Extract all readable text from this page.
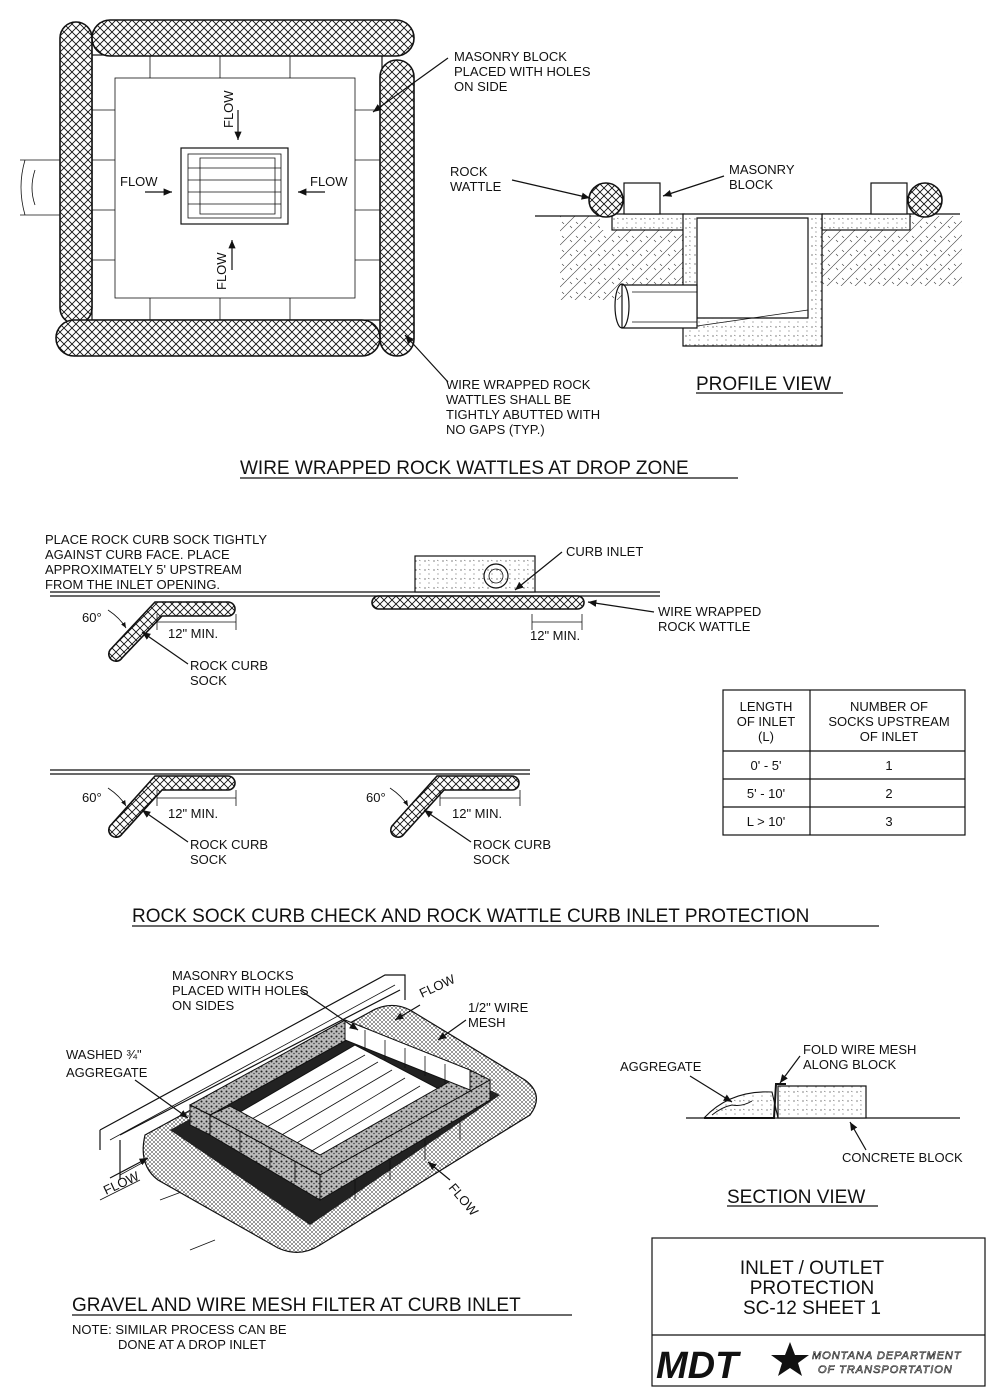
FLOW	FLOW
FLOW
FLOW
MASONRY BLOCK
PLACED WITH HOLES
ON SIDE
WIRE WRAPPED ROCK
WATTLES SHALL BE
TIGHTLY ABUTTED WITH
NO GAPS (TYP.)
ROCK
WATTLE
MASONRY
BLOCK
PROFILE VIEW
WIRE WRAPPED ROCK WATTLES AT DROP ZONE
PLACE ROCK CURB SOCK TIGHTLY
AGAINST CURB FACE. PLACE
APPROXIMATELY 5' UPSTREAM
FROM THE INLET OPENING.
60°
12" MIN.
ROCK CURB
SOCK
CURB INLET
WIRE WRAPPED
ROCK WATTLE
12" MIN.
60°
12" MIN.
ROCK CURB
SOCK
60°
12" MIN.
ROCK CURB
SOCK
LENGTH
OF INLET
(L)
NUMBER OF
SOCKS UPSTREAM
OF INLET
0' - 5'	1
5' - 10'	2
L > 10'	3
ROCK SOCK CURB CHECK AND ROCK WATTLE CURB INLET PROTECTION
MASONRY BLOCKS
PLACED WITH HOLES
ON SIDES	1/2" WIRE
MESH
WASHED ¾"
AGGREGATE
FLOW
FLOW	FLOW
GRAVEL AND WIRE MESH FILTER AT CURB INLET
NOTE: SIMILAR PROCESS CAN BE
DONE AT A DROP INLET
AGGREGATE
FOLD WIRE MESH
ALONG BLOCK
CONCRETE BLOCK
SECTION VIEW
INLET / OUTLET
PROTECTION
SC-12 SHEET 1
MDT	MONTANA DEPARTMENT
OF TRANSPORTATION
